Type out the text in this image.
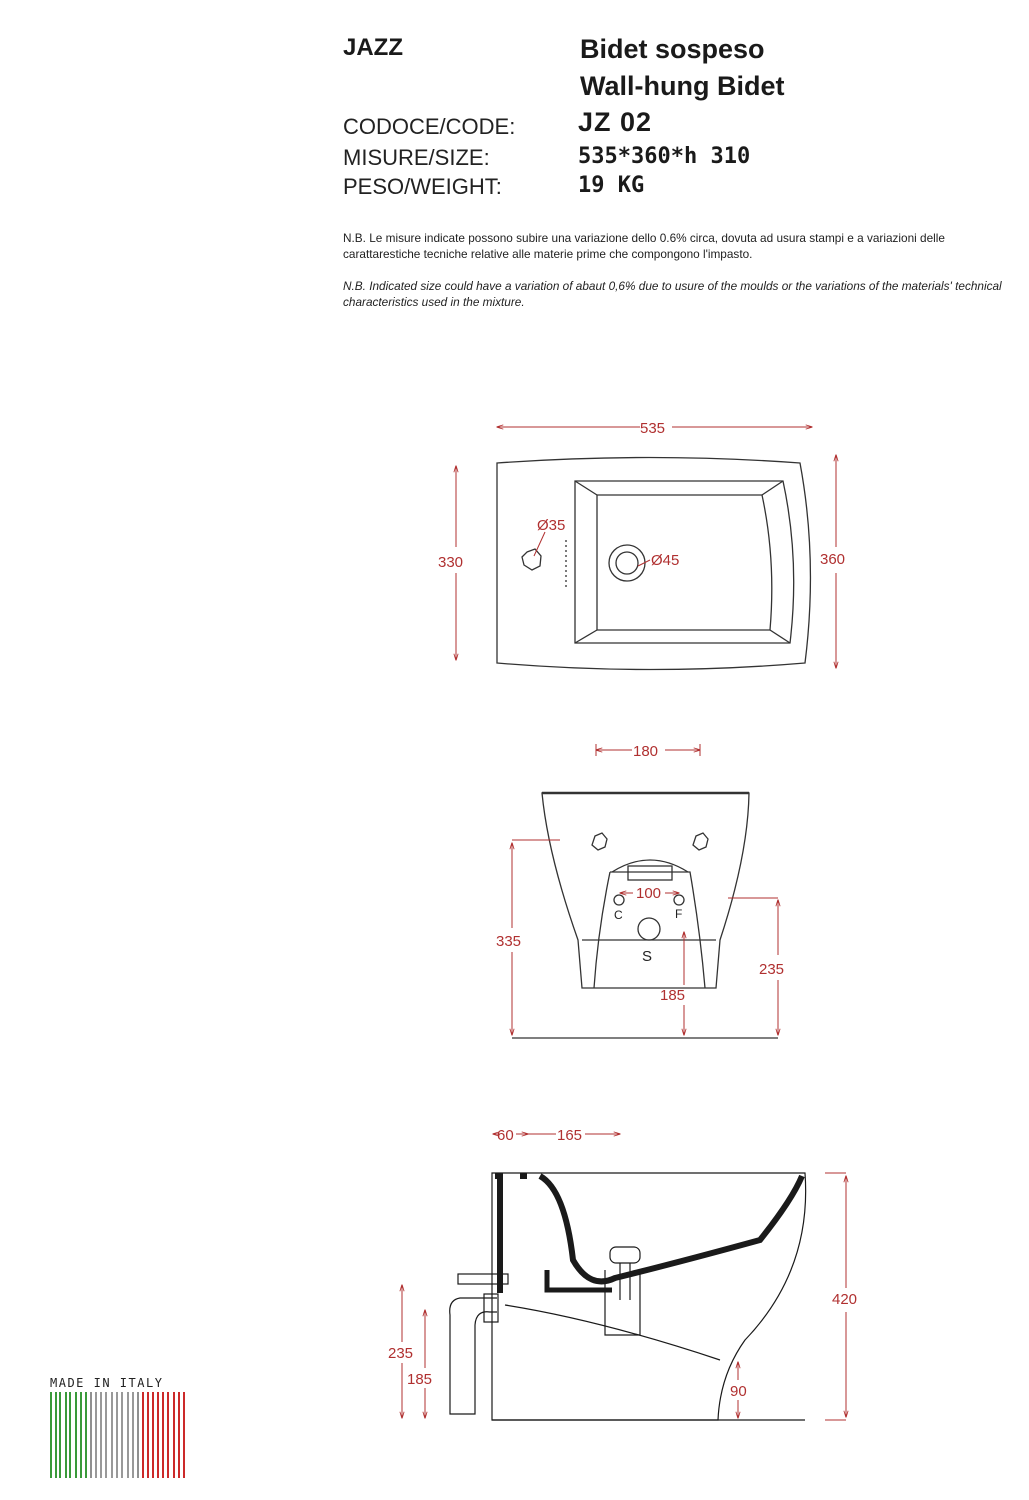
JAZZ	Bidet sospeso
Wall-hung Bidet
CODOCE/CODE: JZ 02
MISURE/SIZE:	535*360*h 310
PESO/WEIGHT:	19 KG
N.B. Le misure indicate possono subire una variazione dello 0.6% circa, dovuta ad usura stampi e a variazioni delle carattarestiche tecniche relative alle materie prime che compongono l'impasto.
N.B. Indicated size could have a variation of abaut 0,6% due to usure of the moulds or the variations of the materials' technical characteristics used in the mixture.
535
330	360
Ø35
Ø45
180
100
C	F
S
335
235
185
60	165
420
235
185
90
MADE IN ITALY
